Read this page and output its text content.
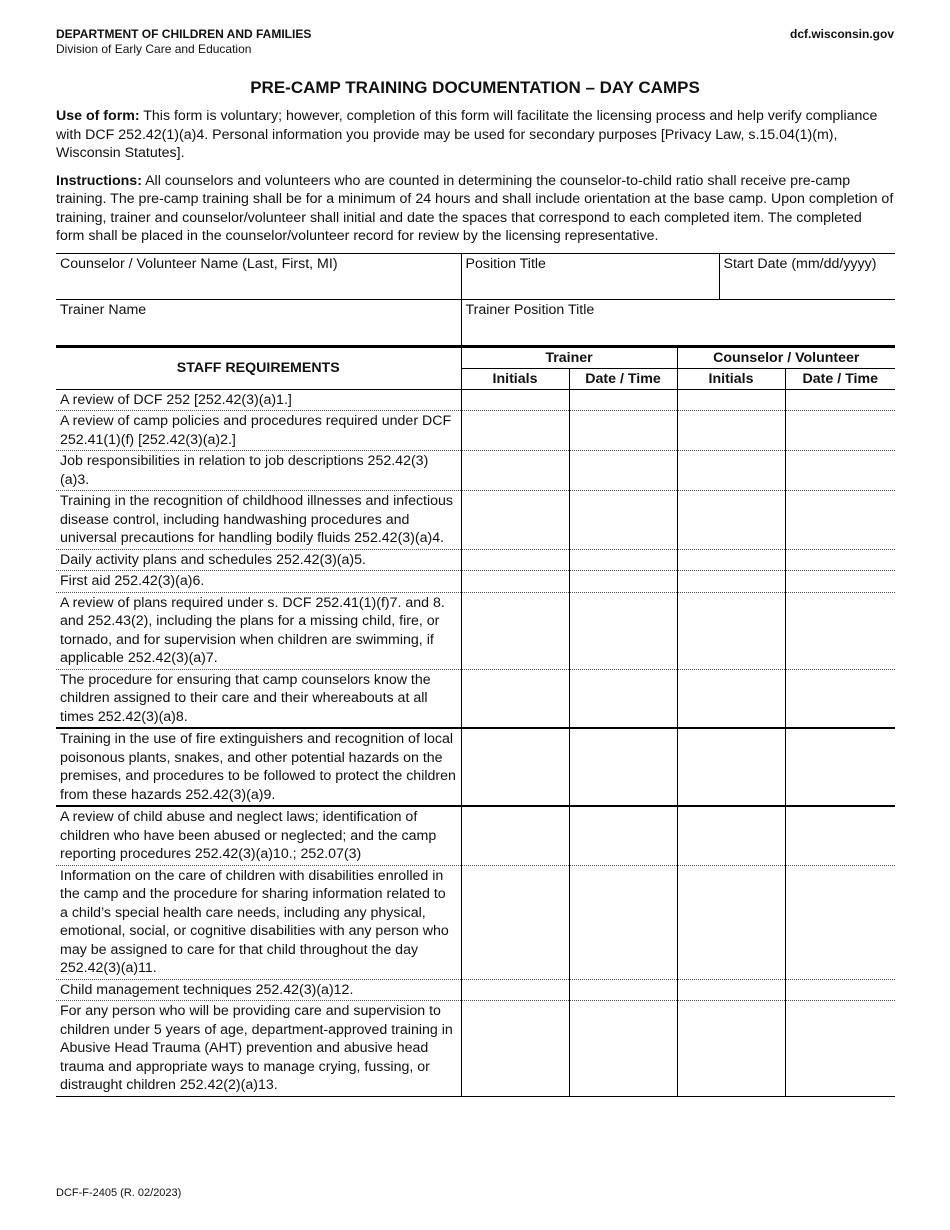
DEPARTMENT OF CHILDREN AND FAMILIES
Division of Early Care and Education
dcf.wisconsin.gov
PRE-CAMP TRAINING DOCUMENTATION – DAY CAMPS
Use of form: This form is voluntary; however, completion of this form will facilitate the licensing process and help verify compliance with DCF 252.42(1)(a)4. Personal information you provide may be used for secondary purposes [Privacy Law, s.15.04(1)(m), Wisconsin Statutes].
Instructions: All counselors and volunteers who are counted in determining the counselor-to-child ratio shall receive pre-camp training. The pre-camp training shall be for a minimum of 24 hours and shall include orientation at the base camp. Upon completion of training, trainer and counselor/volunteer shall initial and date the spaces that correspond to each completed item. The completed form shall be placed in the counselor/volunteer record for review by the licensing representative.
Counselor / Volunteer Name (Last, First, MI)	Position Title	Start Date (mm/dd/yyyy)
Trainer Name	Trainer Position Title	
STAFF REQUIREMENTS	Trainer		Counselor / Volunteer	
	Initials	Date / Time	Initials	Date / Time
A review of DCF 252 [252.42(3)(a)1.]				
A review of camp policies and procedures required under DCF 252.41(1)(f) [252.42(3)(a)2.]				
Job responsibilities in relation to job descriptions 252.42(3)(a)3.				
Training in the recognition of childhood illnesses and infectious disease control, including handwashing procedures and universal precautions for handling bodily fluids 252.42(3)(a)4.				
Daily activity plans and schedules 252.42(3)(a)5.				
First aid 252.42(3)(a)6.				
A review of plans required under s. DCF 252.41(1)(f)7. and 8. and 252.43(2), including the plans for a missing child, fire, or tornado, and for supervision when children are swimming, if applicable 252.42(3)(a)7.				
The procedure for ensuring that camp counselors know the children assigned to their care and their whereabouts at all times 252.42(3)(a)8.				
Training in the use of fire extinguishers and recognition of local poisonous plants, snakes, and other potential hazards on the premises, and procedures to be followed to protect the children from these hazards 252.42(3)(a)9.				
A review of child abuse and neglect laws; identification of children who have been abused or neglected; and the camp reporting procedures 252.42(3)(a)10.; 252.07(3)				
Information on the care of children with disabilities enrolled in the camp and the procedure for sharing information related to a child’s special health care needs, including any physical, emotional, social, or cognitive disabilities with any person who may be assigned to care for that child throughout the day 252.42(3)(a)11.				
Child management techniques 252.42(3)(a)12.				
For any person who will be providing care and supervision to children under 5 years of age, department-approved training in Abusive Head Trauma (AHT) prevention and abusive head trauma and appropriate ways to manage crying, fussing, or distraught children 252.42(2)(a)13.				
DCF-F-2405 (R. 02/2023)
